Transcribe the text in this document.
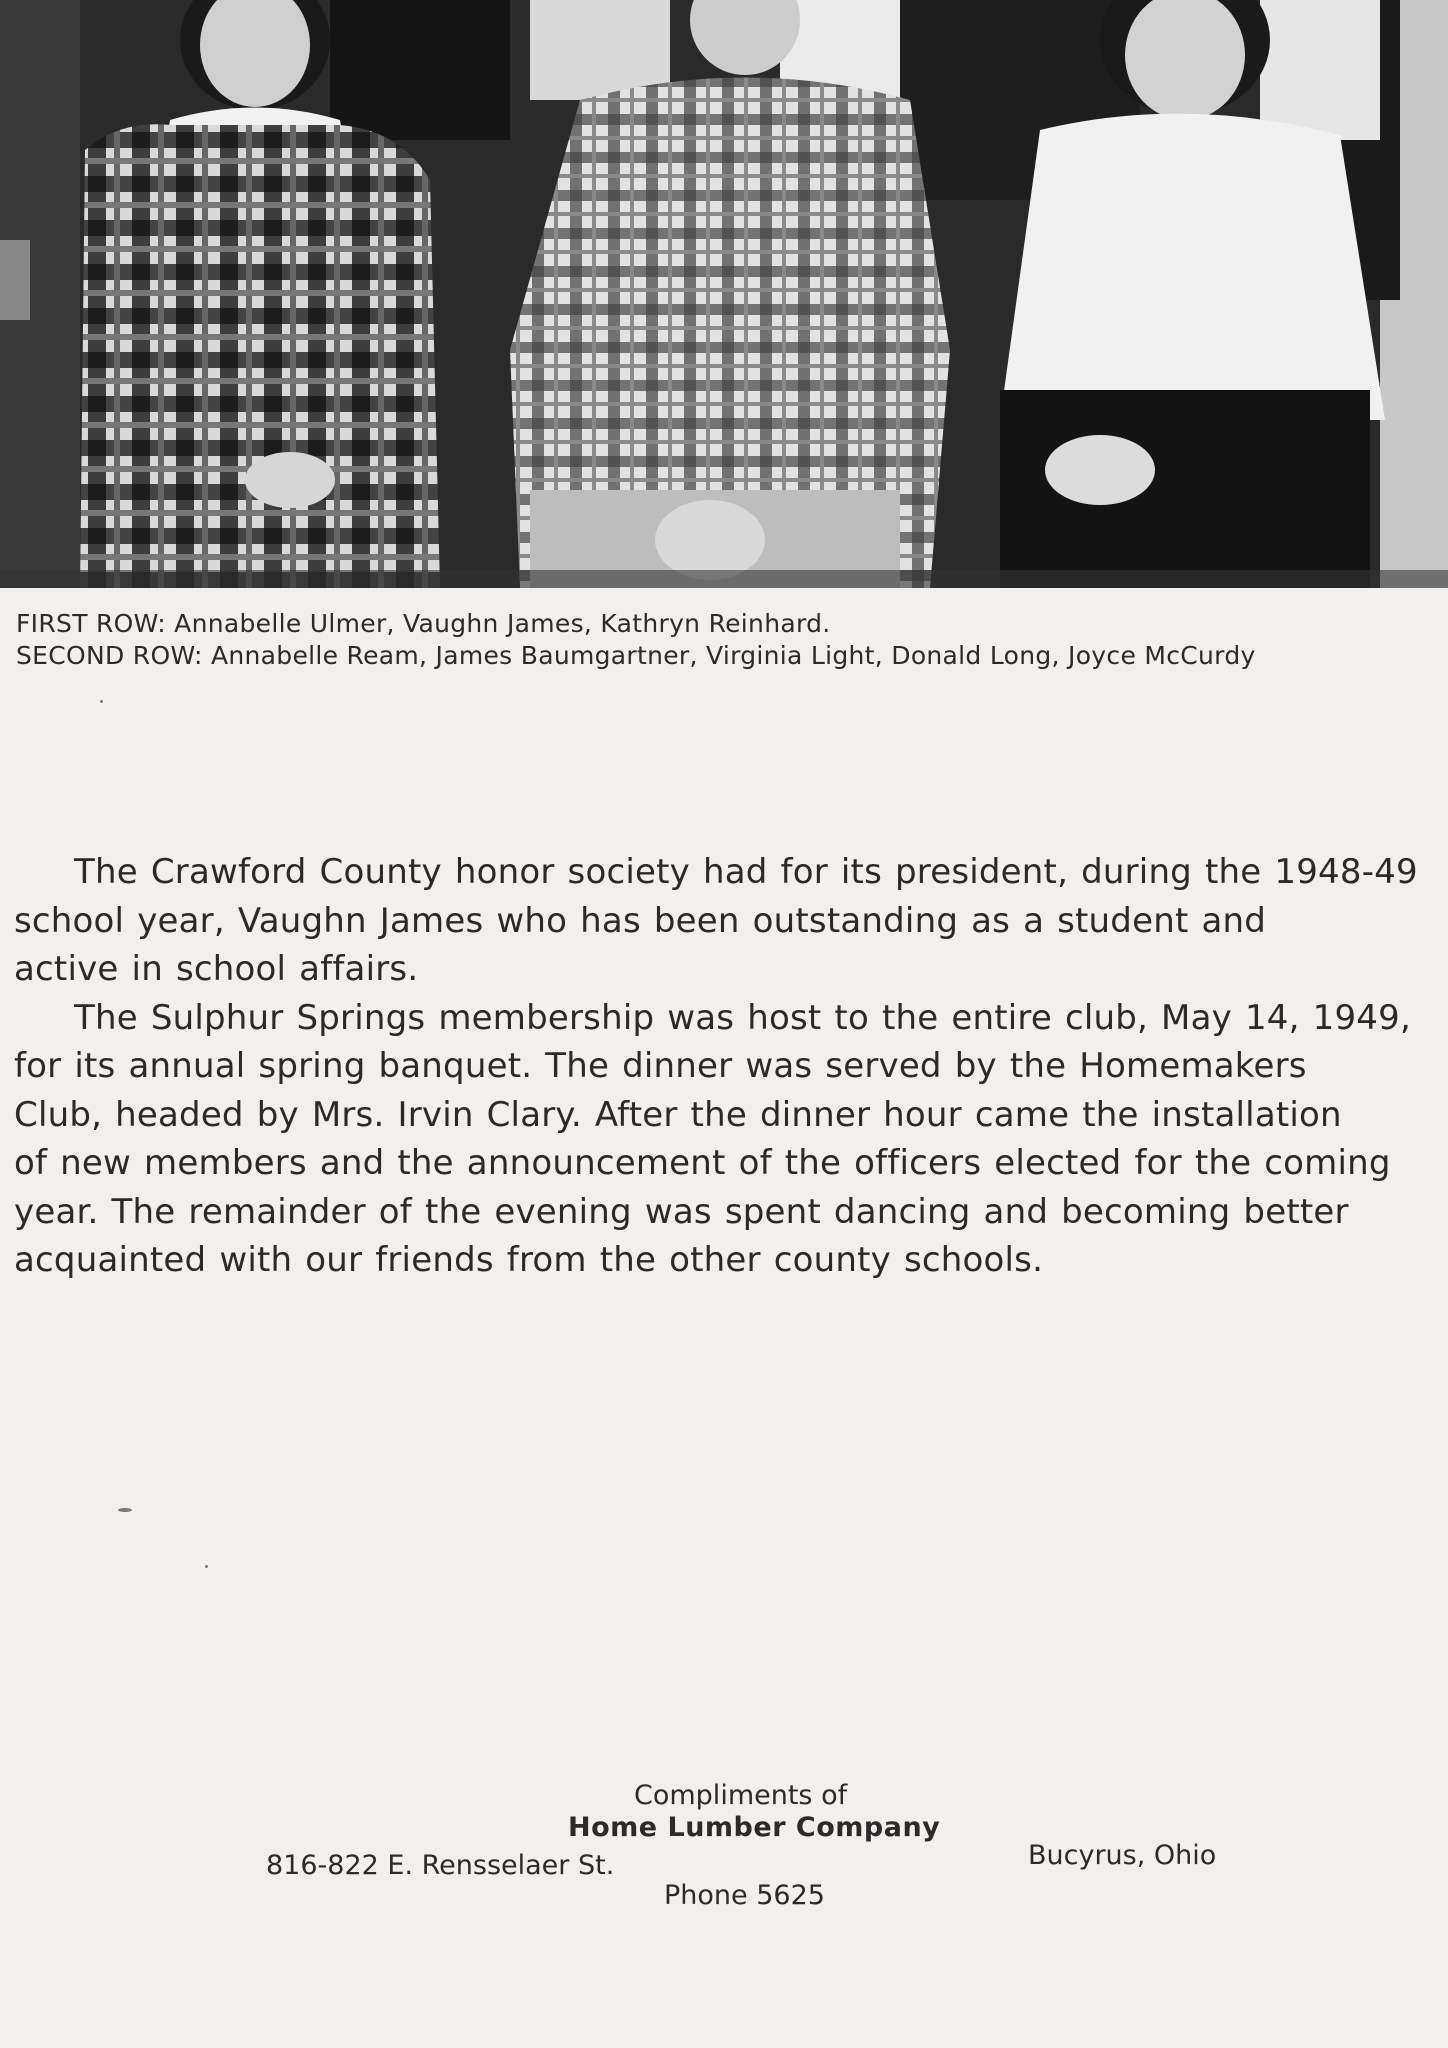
FIRST ROW: Annabelle Ulmer, Vaughn James, Kathryn Reinhard.
SECOND ROW: Annabelle Ream, James Baumgartner, Virginia Light, Donald Long, Joyce McCurdy

The Crawford County honor society had for its president, during the 1948-49

school year, Vaughn James who has been outstanding as a student and

active in school affairs.

The Sulphur Springs membership was host to the entire club, May 14, 1949,

for its annual spring banquet. The dinner was served by the Homemakers

Club, headed by Mrs. Irvin Clary. After the dinner hour came the installation

of new members and the announcement of the officers elected for the coming

year. The remainder of the evening was spent dancing and becoming better

acquainted with our friends from the other county schools.

Compliments of
Home Lumber Company
816-822 E. Rensselaer St.	Bucyrus, Ohio
Phone 5625
